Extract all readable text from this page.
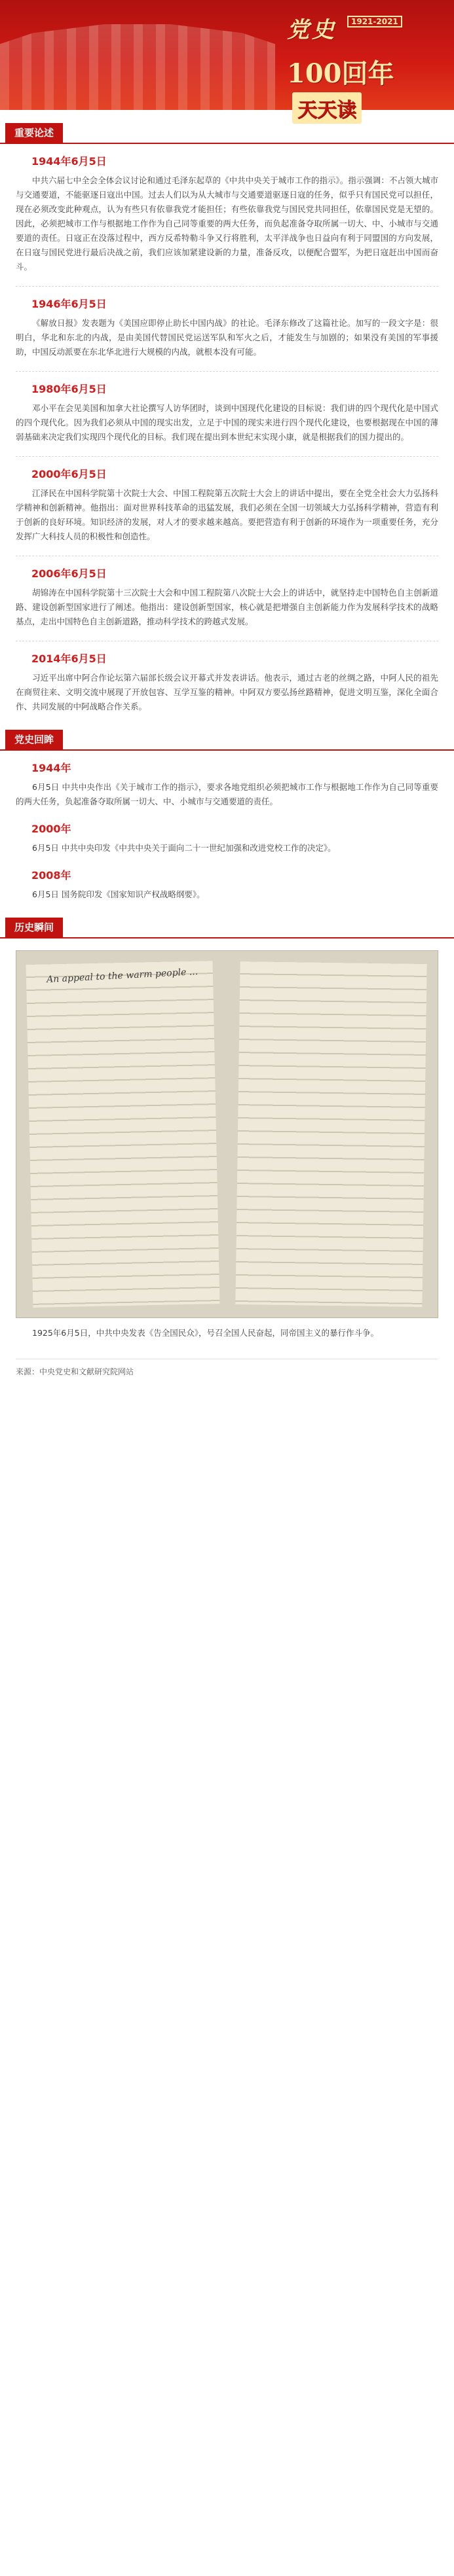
党史	1921-2021
100回年 天天读
重要论述
1944年6月5日

中共六届七中全会全体会议讨论和通过毛泽东起草的《中共中央关于城市工作的指示》。指示强调：不占领大城市与交通要道，不能驱逐日寇出中国。过去人们以为从大城市与交通要道驱逐日寇的任务，似乎只有国民党可以担任，现在必须改变此种观点，认为有些只有依靠我党才能担任；有些依靠我党与国民党共同担任，依靠国民党是无望的。因此，必须把城市工作与根据地工作作为自己同等重要的两大任务，而负起准备夺取所属一切大、中、小城市与交通要道的责任。日寇正在没落过程中，西方反希特勒斗争又行将胜利，太平洋战争也日益向有利于同盟国的方向发展，在日寇与国民党进行最后决战之前，我们应该加紧建设新的力量，准备反攻，以便配合盟军，为把日寇赶出中国而奋斗。

1946年6月5日

《解放日报》发表题为《美国应即停止助长中国内战》的社论。毛泽东修改了这篇社论。加写的一段文字是：很明白，华北和东北的内战，是由美国代替国民党运送军队和军火之后，才能发生与加剧的；如果没有美国的军事援助，中国反动派要在东北华北进行大规模的内战，就根本没有可能。

1980年6月5日

邓小平在会见美国和加拿大社论撰写人访华团时，谈到中国现代化建设的目标说：我们讲的四个现代化是中国式的四个现代化。因为我们必须从中国的现实出发，立足于中国的现实来进行四个现代化建设，也要根据现在中国的薄弱基础来决定我们实现四个现代化的目标。我们现在提出到本世纪末实现小康，就是根据我们的国力提出的。

2000年6月5日

江泽民在中国科学院第十次院士大会、中国工程院第五次院士大会上的讲话中提出，要在全党全社会大力弘扬科学精神和创新精神。他指出：面对世界科技革命的迅猛发展，我们必须在全国一切领域大力弘扬科学精神，营造有利于创新的良好环境。知识经济的发展，对人才的要求越来越高。要把营造有利于创新的环境作为一项重要任务，充分发挥广大科技人员的积极性和创造性。

2006年6月5日

胡锦涛在中国科学院第十三次院士大会和中国工程院第八次院士大会上的讲话中，就坚持走中国特色自主创新道路、建设创新型国家进行了阐述。他指出：建设创新型国家，核心就是把增强自主创新能力作为发展科学技术的战略基点，走出中国特色自主创新道路，推动科学技术的跨越式发展。

2014年6月5日

习近平出席中阿合作论坛第六届部长级会议开幕式并发表讲话。他表示，通过古老的丝绸之路，中阿人民的祖先在商贸往来、文明交流中展现了开放包容、互学互鉴的精神。中阿双方要弘扬丝路精神，促进文明互鉴，深化全面合作、共同发展的中阿战略合作关系。

党史回眸
1944年

6月5日 中共中央作出《关于城市工作的指示》，要求各地党组织必须把城市工作与根据地工作作为自己同等重要的两大任务，负起准备夺取所属一切大、中、小城市与交通要道的责任。

2000年

6月5日 中共中央印发《中共中央关于面向二十一世纪加强和改进党校工作的决定》。

2008年

6月5日 国务院印发《国家知识产权战略纲要》。

历史瞬间
An appeal to the warm people ...

1925年6月5日，中共中央发表《告全国民众》，号召全国人民奋起，同帝国主义的暴行作斗争。

来源：中央党史和文献研究院网站
